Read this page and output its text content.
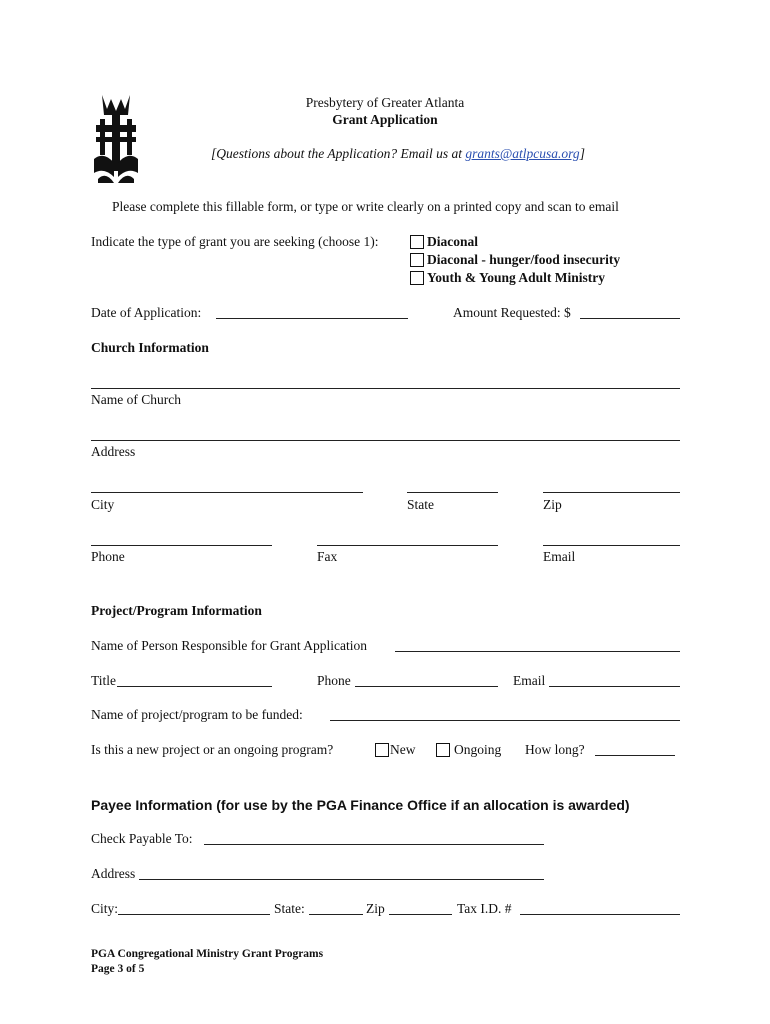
Presbytery of Greater Atlanta
Grant Application
[Questions about the Application? Email us at grants@atlpcusa.org]
Please complete this fillable form, or type or write clearly on a printed copy and scan to email
Indicate the type of grant you are seeking (choose 1):	Diaconal
Diaconal - hunger/food insecurity
Youth & Young Adult Ministry
Date of Application:	Amount Requested: $
Church Information
Name of Church
Address
City	State	Zip
Phone	Fax	Email
Project/Program Information
Name of Person Responsible for Grant Application
Title	Phone	Email
Name of project/program to be funded:
Is this a new project or an ongoing program?	New	Ongoing How long?
Payee Information (for use by the PGA Finance Office if an allocation is awarded)
Check Payable To:
Address
City:	State:	Zip	Tax I.D. #
PGA Congregational Ministry Grant Programs
Page 3 of 5
